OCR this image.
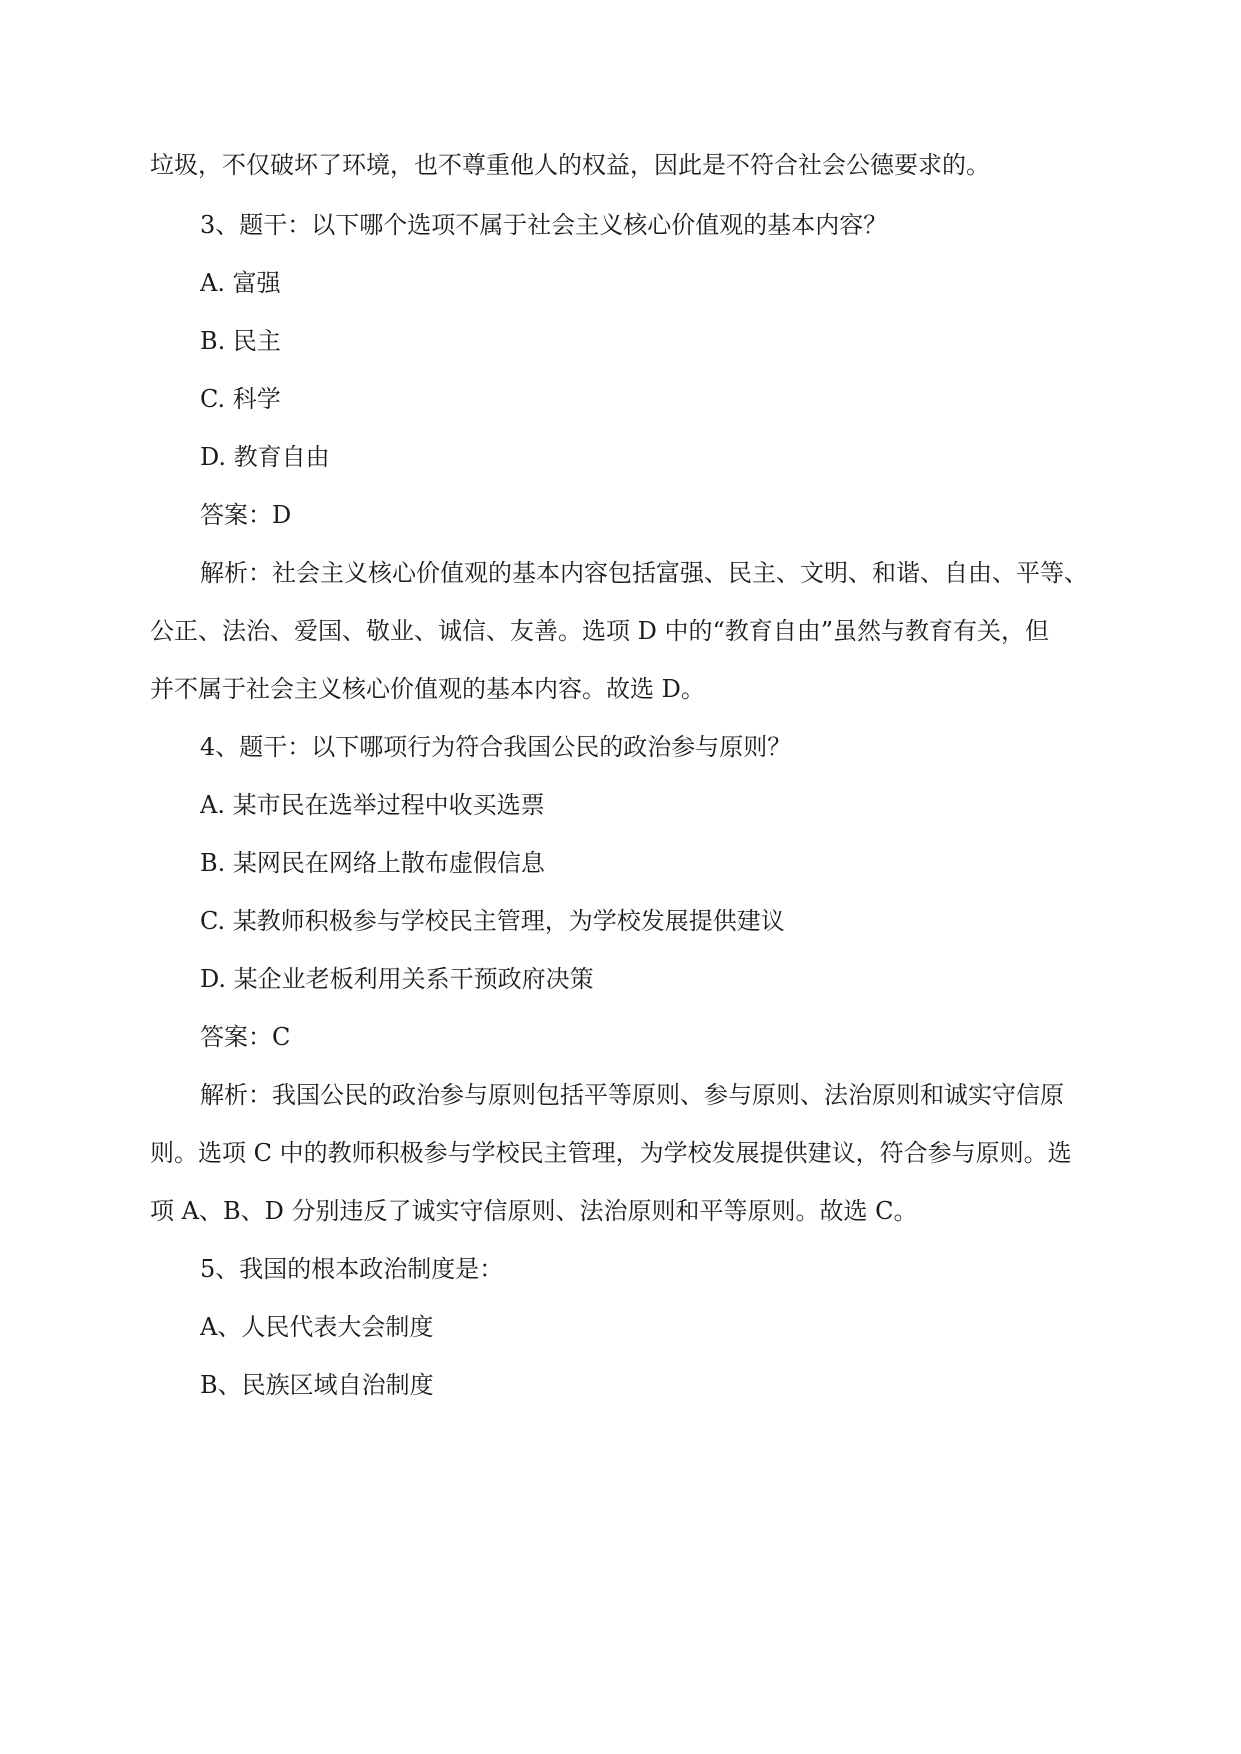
垃圾，不仅破坏了环境，也不尊重他人的权益，因此是不符合社会公德要求的。
3、题干：以下哪个选项不属于社会主义核心价值观的基本内容？
A. 富强
B. 民主
C. 科学
D. 教育自由
答案：D
解析：社会主义核心价值观的基本内容包括富强、民主、文明、和谐、自由、平等、
公正、法治、爱国、敬业、诚信、友善。选项 D 中的“教育自由”虽然与教育有关，但
并不属于社会主义核心价值观的基本内容。故选 D。
4、题干：以下哪项行为符合我国公民的政治参与原则？
A. 某市民在选举过程中收买选票
B. 某网民在网络上散布虚假信息
C. 某教师积极参与学校民主管理，为学校发展提供建议
D. 某企业老板利用关系干预政府决策
答案：C
解析：我国公民的政治参与原则包括平等原则、参与原则、法治原则和诚实守信原
则。选项 C 中的教师积极参与学校民主管理，为学校发展提供建议，符合参与原则。选
项 A、B、D 分别违反了诚实守信原则、法治原则和平等原则。故选 C。
5、我国的根本政治制度是：
A、人民代表大会制度
B、民族区域自治制度
